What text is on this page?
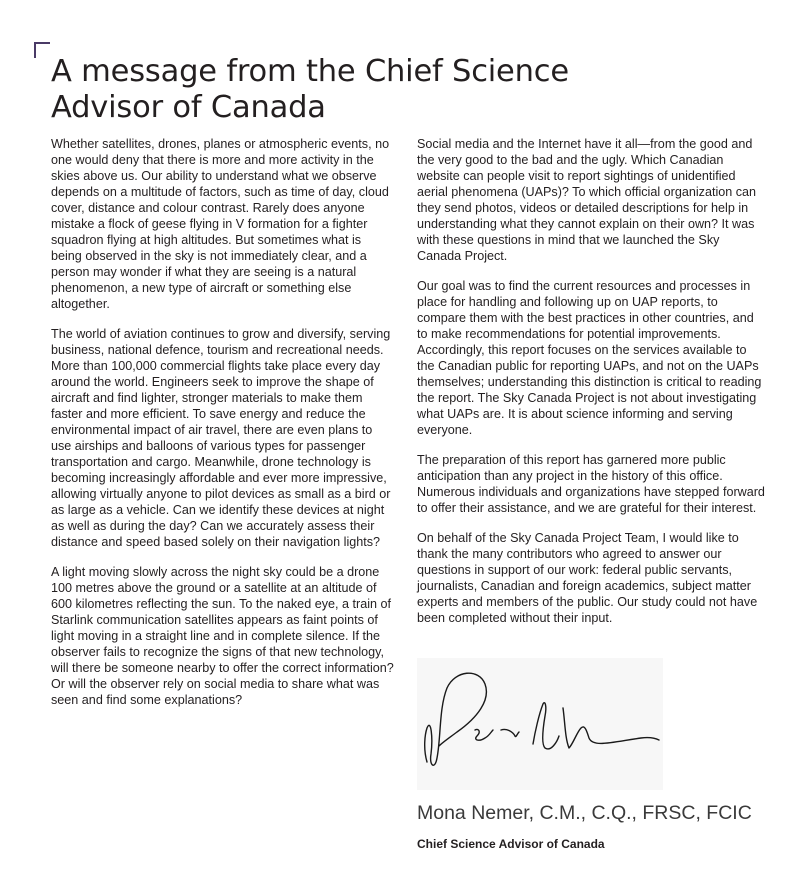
A message from the Chief Science Advisor of Canada

Whether satellites, drones, planes or atmospheric events, no one would deny that there is more and more activity in the skies above us. Our ability to understand what we observe depends on a multitude of factors, such as time of day, cloud cover, distance and colour contrast. Rarely does anyone mistake a flock of geese flying in V formation for a fighter squadron flying at high altitudes. But sometimes what is being observed in the sky is not immediately clear, and a person may wonder if what they are seeing is a natural phenomenon, a new type of aircraft or something else altogether.

The world of aviation continues to grow and diversify, serving business, national defence, tourism and recreational needs. More than 100,000 commercial flights take place every day around the world. Engineers seek to improve the shape of aircraft and find lighter, stronger materials to make them faster and more efficient. To save energy and reduce the environmental impact of air travel, there are even plans to use airships and balloons of various types for passenger transportation and cargo. Meanwhile, drone technology is becoming increasingly affordable and ever more impressive, allowing virtually anyone to pilot devices as small as a bird or as large as a vehicle. Can we identify these devices at night as well as during the day? Can we accurately assess their distance and speed based solely on their navigation lights?

A light moving slowly across the night sky could be a drone 100 metres above the ground or a satellite at an altitude of 600 kilometres reflecting the sun. To the naked eye, a train of Starlink communication satellites appears as faint points of light moving in a straight line and in complete silence. If the observer fails to recognize the signs of that new technology, will there be someone nearby to offer the correct information? Or will the observer rely on social media to share what was seen and find some explanations?

Social media and the Internet have it all—from the good and the very good to the bad and the ugly. Which Canadian website can people visit to report sightings of unidentified aerial phenomena (UAPs)? To which official organization can they send photos, videos or detailed descriptions for help in understanding what they cannot explain on their own? It was with these questions in mind that we launched the Sky Canada Project.

Our goal was to find the current resources and processes in place for handling and following up on UAP reports, to compare them with the best practices in other countries, and to make recommendations for potential improvements. Accordingly, this report focuses on the services available to the Canadian public for reporting UAPs, and not on the UAPs themselves; understanding this distinction is critical to reading the report. The Sky Canada Project is not about investigating what UAPs are. It is about science informing and serving everyone.

The preparation of this report has garnered more public anticipation than any project in the history of this office. Numerous individuals and organizations have stepped forward to offer their assistance, and we are grateful for their interest.

On behalf of the Sky Canada Project Team, I would like to thank the many contributors who agreed to answer our questions in support of our work: federal public servants, journalists, Canadian and foreign academics, subject matter experts and members of the public. Our study could not have been completed without their input.

Mona Nemer, C.M., C.Q., FRSC, FCIC
Chief Science Advisor of Canada
